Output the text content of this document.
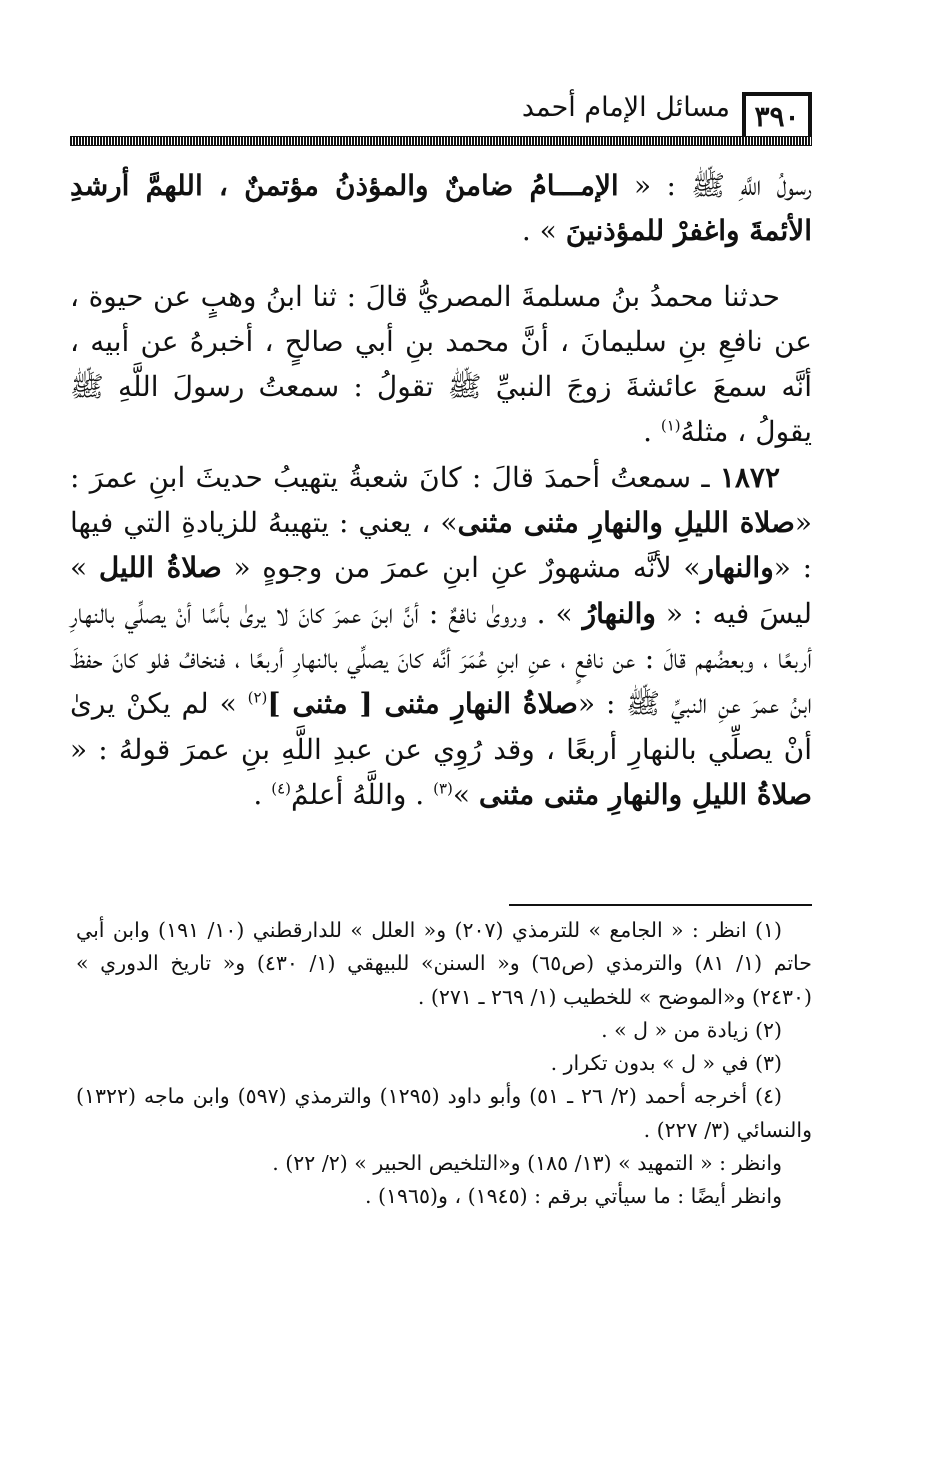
مسائل الإمام أحمد ٣٩٠

رسولُ اللَّهِ ﷺ : « الإمـــامُ ضامنٌ والمؤذنُ مؤتمنٌ ، اللهمَّ أرشدِ الأئمةَ واغفرْ للمؤذنينَ » .

حدثنا محمدُ بنُ مسلمةَ المصريُّ قالَ : ثنا ابنُ وهبٍ عن حيوة ، عن نافعِ بنِ سليمانَ ، أنَّ محمد بنِ أبي صالحٍ ، أخبرهُ عن أبيه ، أنَّه سمعَ عائشةَ زوجَ النبيِّ ﷺ تقولُ : سمعتُ رسولَ اللَّهِ ﷺ يقولُ ، مثلهُ$^{(١)}$ .

١٨٧٢ ـ سمعتُ أحمدَ قالَ : كانَ شعبةُ يتهيبُ حديثَ ابنِ عمرَ : «صلاة الليلِ والنهارِ مثنى مثنى» ، يعني : يتهيبهُ للزيادةِ التي فيها : «والنهار» لأنَّه مشهورٌ عنِ ابنِ عمرَ من وجوهٍ « صلاةُ الليل » ليسَ فيه : « والنهارُ » . وروىٰ نافعٌ : أنَّ ابنَ عمرَ كانَ لا يرىٰ بأسًا أنْ يصلِّي بالنهارِ أربعًا ، وبعضُهم قالَ : عن نافعٍ ، عنِ ابنِ عُمَرَ أنَّه كانَ يصلِّي بالنهارِ أربعًا ، فنخافُ فلو كانَ حفظَ ابنُ عمرَ عنِ النبيِّ ﷺ : «صلاةُ النهارِ مثنى [ مثنى ]$^{(٢)}$ » لم يكنْ يرىٰ أنْ يصلِّي بالنهارِ أربعًا ، وقد رُوِي عن عبدِ اللَّهِ بنِ عمرَ قولهُ : « صلاةُ الليلِ والنهارِ مثنى مثنى »$^{(٣)}$ . واللَّهُ أعلمُ$^{(٤)}$ .

(١) انظر : « الجامع » للترمذي (٢٠٧) و« العلل » للدارقطني (١٠/ ١٩١) وابن أبي حاتم (١/ ٨١) والترمذي (ص٦٥) و« السنن» للبيهقي (١/ ٤٣٠) و« تاريخ الدوري » (٢٤٣٠) و«الموضح » للخطيب (١/ ٢٦٩ ـ ٢٧١) .

(٢) زيادة من « ل » .

(٣) في « ل » بدون تكرار .

(٤) أخرجه أحمد (٢/ ٢٦ ـ ٥١) وأبو داود (١٢٩٥) والترمذي (٥٩٧) وابن ماجه (١٣٢٢) والنسائي (٣/ ٢٢٧) .

وانظر : « التمهيد » (١٣/ ١٨٥) و«التلخيص الحبير » (٢/ ٢٢) .

وانظر أيضًا : ما سيأتي برقم : (١٩٤٥) ، و(١٩٦٥) .
